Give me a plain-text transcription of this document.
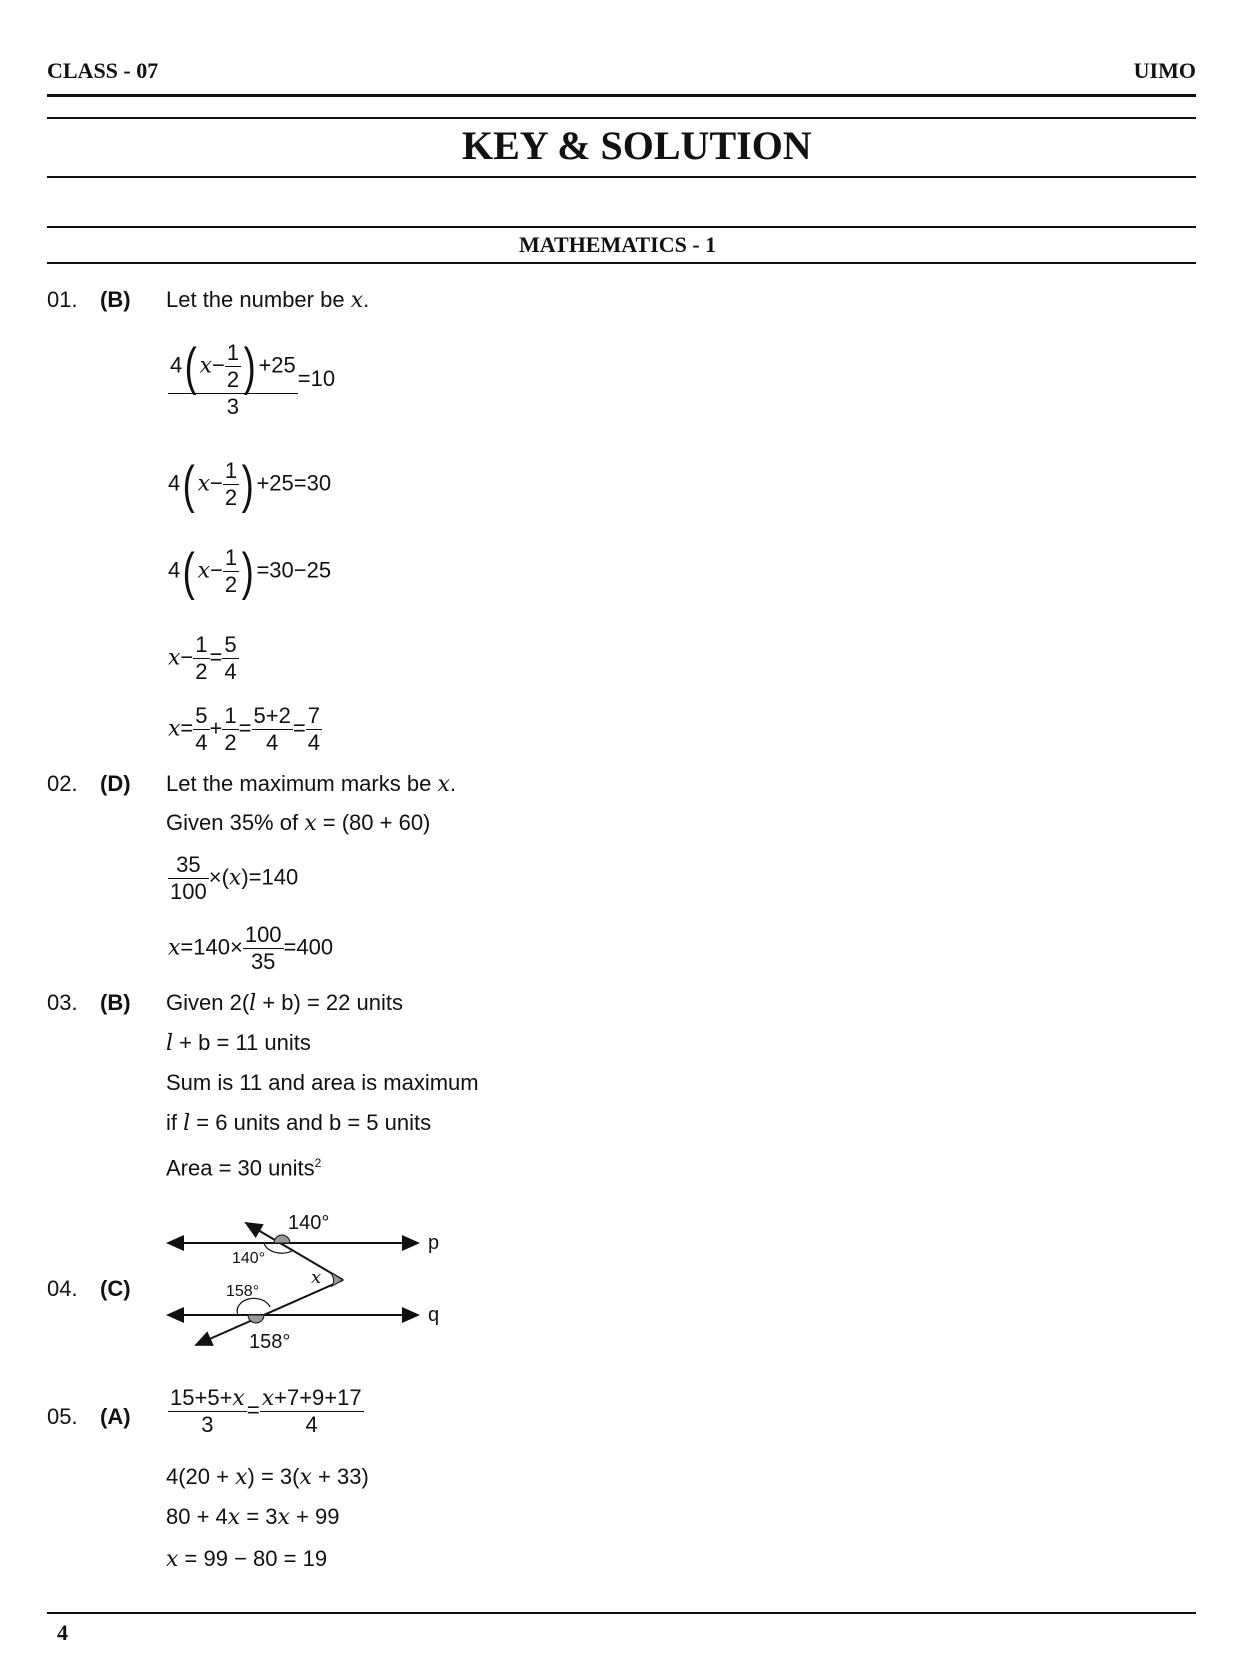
CLASS - 07	UIMO
KEY & SOLUTION
MATHEMATICS - 1
01. (B) Let the number be x.
$\frac{4( x- \frac{1}{2} ) +25}{3} =10$
4( $x- \frac{1}{2}$ ) +25=30
4( $x- \frac{1}{2}$ ) =30−25
$x- \frac{1}{2} = \frac{5}{4}$
$x= \frac{5}{4} + \frac{1}{2} = \frac{5+2}{4} = \frac{7}{4}$
02. (D) Let the maximum marks be x.
Given 35% of x = (80 + 60)
$\frac{35}{100} \times(x)=140$
$x=140\times \frac{100}{35} =400$
03. (B) Given 2(l + b) = 22 units
l + b = 11 units
Sum is 11 and area is maximum
if l = 6 units and b = 5 units
Area = 30 units$^2$
04. (C)
140°
140°
158°
158°
x
p
q
05. $(A) \frac{15+5+x}{3} = \frac{x+7+9+17}{4}$
4(20 + x) = 3(x + 33)
80 + 4x = 3x + 99
x = 99 − 80 = 19
4
